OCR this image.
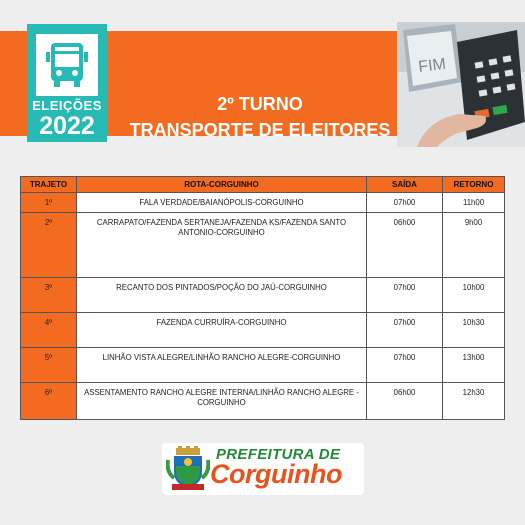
2º TURNO
TRANSPORTE DE ELEITORES
ELEIÇÕES
2022
FIM
TRAJETO	ROTA-CORGUINHO	SAÍDA	RETORNO
1º	FALA VERDADE/BAIANÓPOLIS-CORGUINHO	07h00	11h00
2º	CARRAPATO/FAZENDA SERTANEJA/FAZENDA KS/FAZENDA SANTO ANTONIO-CORGUINHO	06h00	9h00
3º	RECANTO DOS PINTADOS/POÇÃO DO JAÚ-CORGUINHO	07h00	10h00
4º	FAZENDA CURRUÍRA-CORGUINHO	07h00	10h30
5º	LINHÃO VISTA ALEGRE/LINHÃO RANCHO ALEGRE-CORGUINHO	07h00	13h00
6º	ASSENTAMENTO RANCHO ALEGRE INTERNA/LINHÃO RANCHO ALEGRE -CORGUINHO	06h00	12h30
PREFEITURA DE
Corguinho
